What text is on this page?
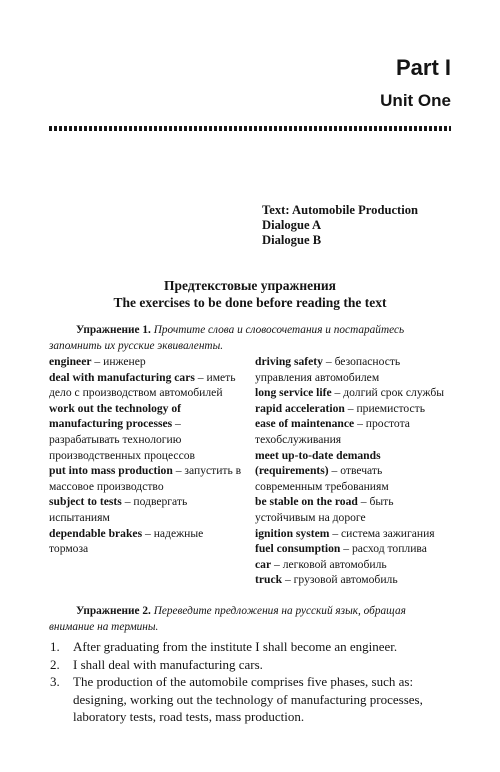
Part I
Unit One
Text: Automobile Production
Dialogue A
Dialogue B
Предтекстовые упражнения
The exercises to be done before reading the text

Упражнение 1. Прочтите слова и словосочетания и постарайтесь запомнить их русские эквиваленты.

engineer – инженер
deal with manufacturing cars – иметь дело с производством автомобилей
work out the technology of manufacturing processes – разрабатывать технологию производственных процессов
put into mass production – запустить в массовое производство
subject to tests – подвергать испытаниям
dependable brakes – надежные тормоза
driving safety – безопасность управления автомобилем
long service life – долгий срок службы
rapid acceleration – приемистость
ease of maintenance – простота техобслуживания
meet up-to-date demands (requirements) – отвечать современным требованиям
be stable on the road – быть устойчивым на дороге
ignition system – система зажигания
fuel consumption – расход топлива
car – легковой автомобиль
truck – грузовой автомобиль

Упражнение 2. Переведите предложения на русский язык, обращая внимание на термины.

1.	After graduating from the institute I shall become an engineer.
2.	I shall deal with manufacturing cars.
3.	The production of the automobile comprises five phases, such as: designing, working out the technology of manufacturing processes, laboratory tests, road tests, mass production.
